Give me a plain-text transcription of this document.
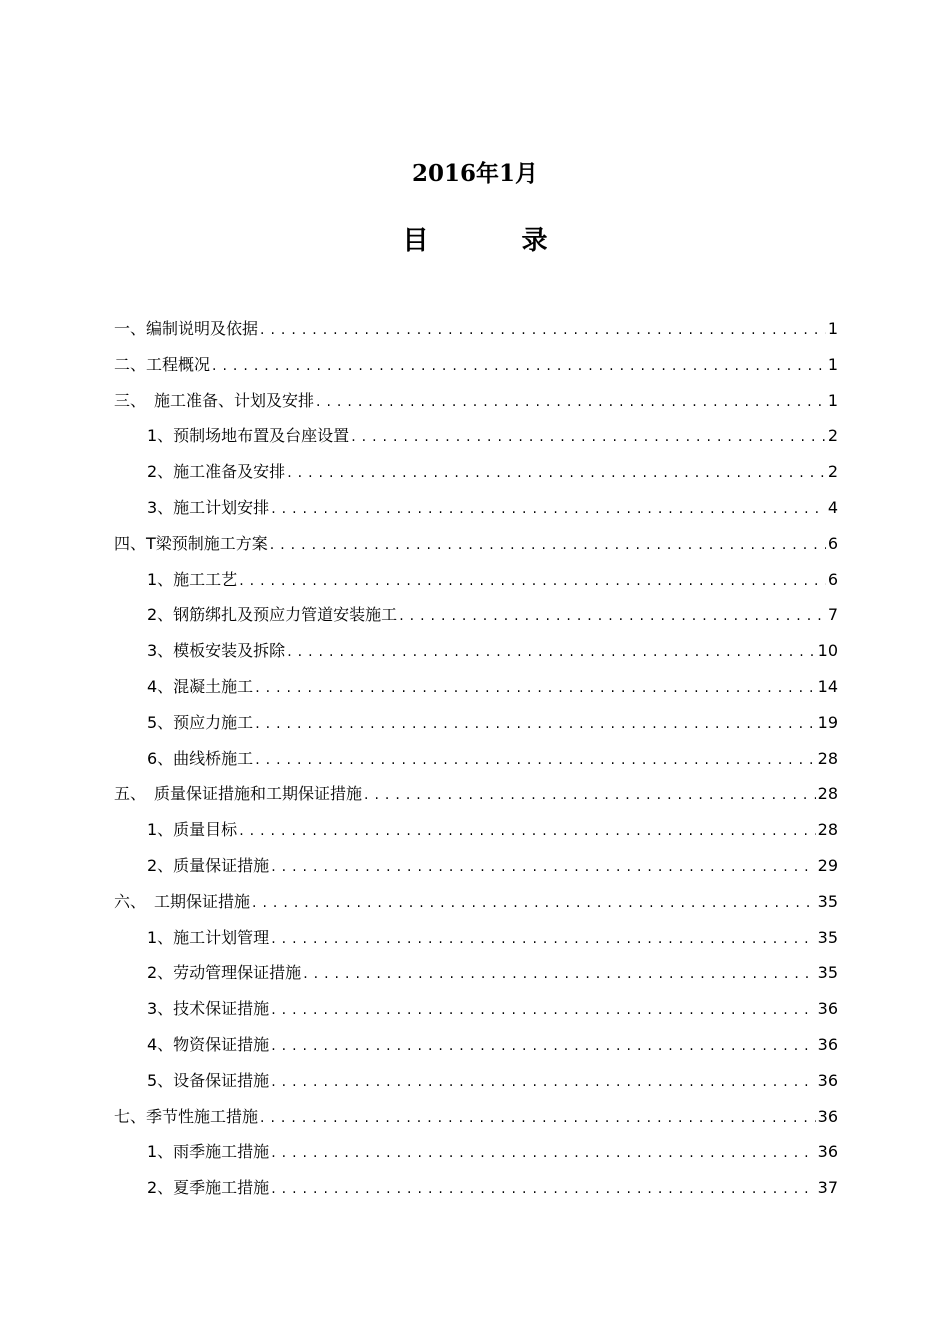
2016年1月
目 录
一、编制说明及依据 .....	1
二、工程概况 .....	1
三、　施工准备、计划及安排 .....	1
1、预制场地布置及台座设置 .....	2
2、施工准备及安排 .....	2
3、施工计划安排 .....	4
四、T梁预制施工方案 .....	6
1、施工工艺 .....	6
2、钢筋绑扎及预应力管道安装施工 .....	7
3、模板安装及拆除 .....	10
4、混凝土施工 .....	14
5、预应力施工 .....	19
6、曲线桥施工 .....	28
五、　质量保证措施和工期保证措施 .....	28
1、质量目标 .....	28
2、质量保证措施 .....	29
六、　工期保证措施 .....	35
1、施工计划管理 .....	35
2、劳动管理保证措施 .....	35
3、技术保证措施 .....	36
4、物资保证措施 .....	36
5、设备保证措施 .....	36
七、季节性施工措施 .....	36
1、雨季施工措施 .....	36
2、夏季施工措施 .....	37
